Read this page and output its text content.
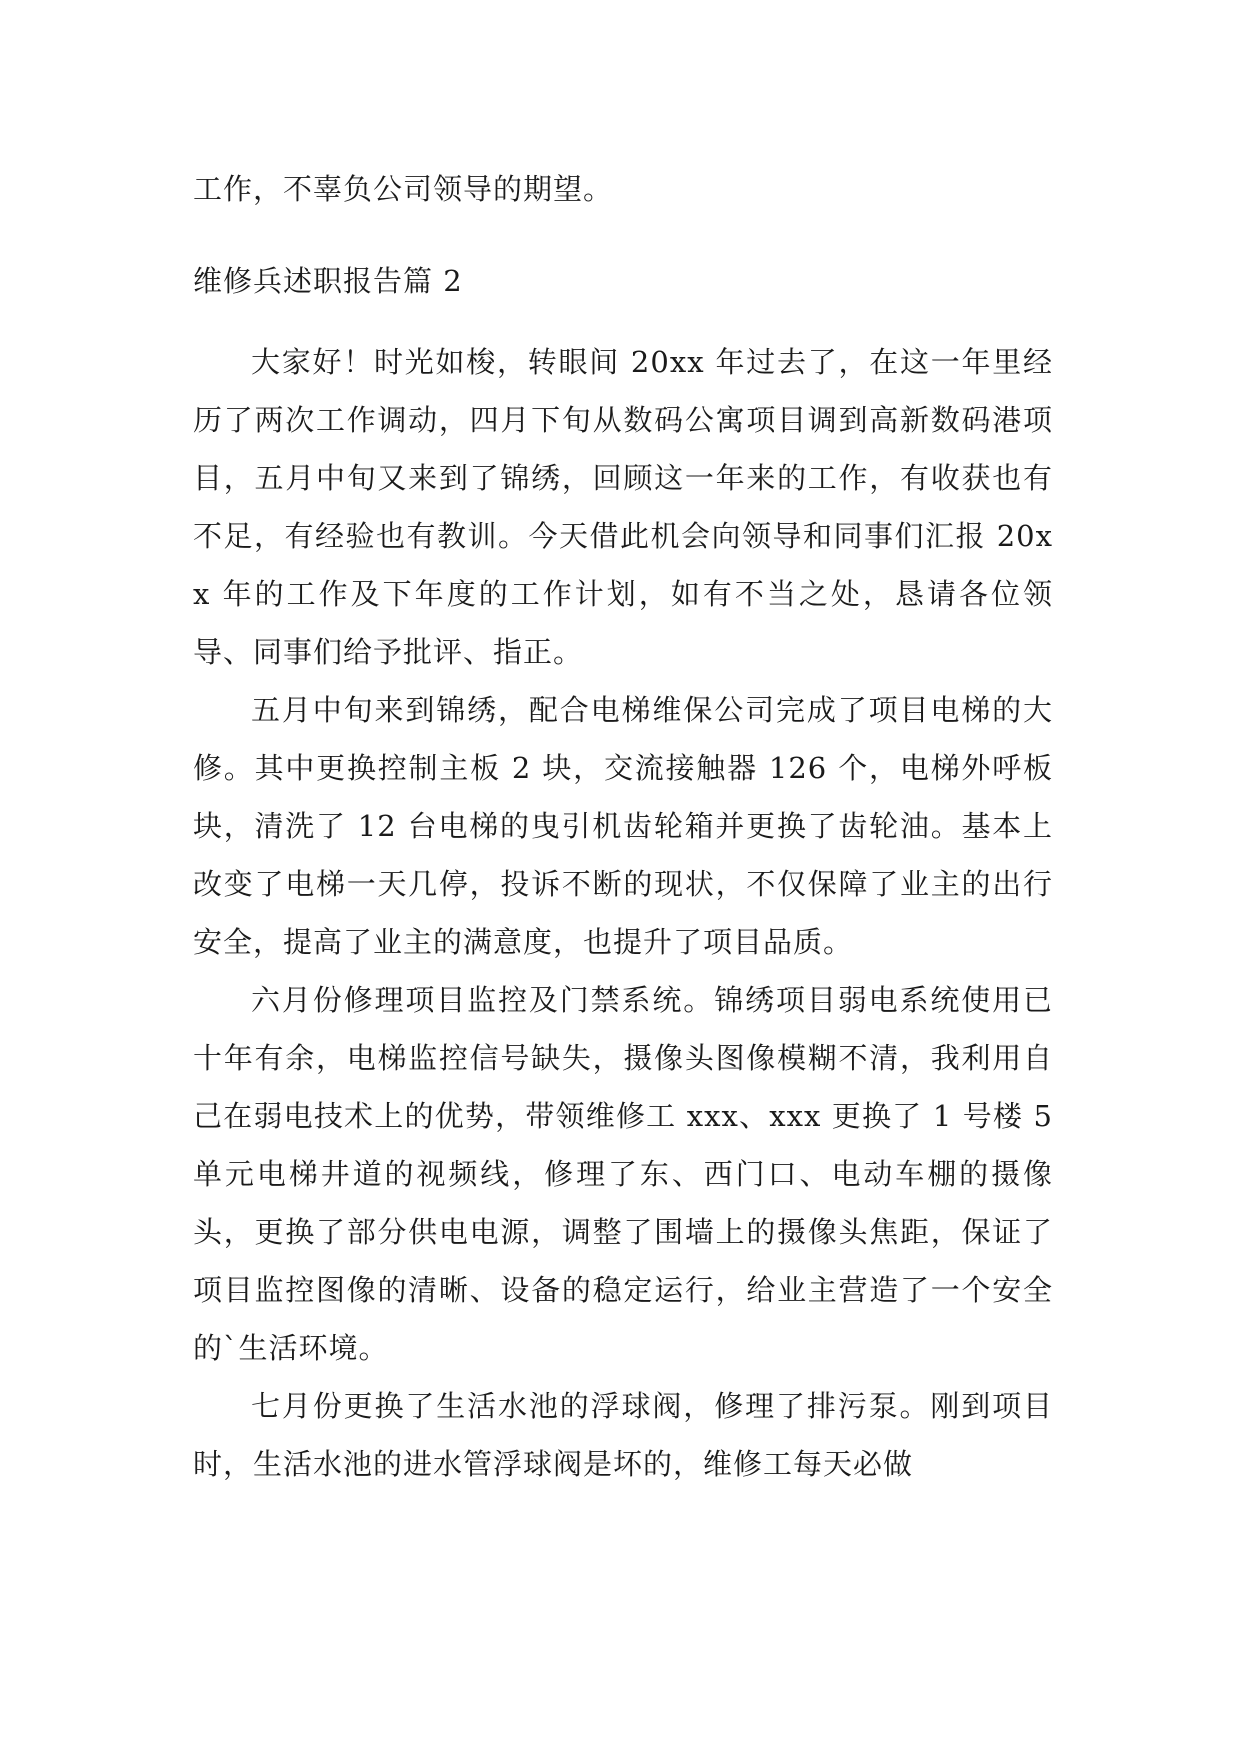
工作，不辜负公司领导的期望。
维修兵述职报告篇 2

大家好！时光如梭，转眼间 20xx 年过去了，在这一年里经历了两次工作调动，四月下旬从数码公寓项目调到高新数码港项目，五月中旬又来到了锦绣，回顾这一年来的工作，有收获也有不足，有经验也有教训。今天借此机会向领导和同事们汇报 20xx 年的工作及下年度的工作计划，如有不当之处，恳请各位领导、同事们给予批评、指正。

五月中旬来到锦绣，配合电梯维保公司完成了项目电梯的大修。其中更换控制主板 2 块，交流接触器 126 个，电梯外呼板块，清洗了 12 台电梯的曳引机齿轮箱并更换了齿轮油。基本上改变了电梯一天几停，投诉不断的现状，不仅保障了业主的出行安全，提高了业主的满意度，也提升了项目品质。

六月份修理项目监控及门禁系统。锦绣项目弱电系统使用已十年有余，电梯监控信号缺失，摄像头图像模糊不清，我利用自己在弱电技术上的优势，带领维修工 xxx、xxx 更换了 1 号楼 5 单元电梯井道的视频线，修理了东、西门口、电动车棚的摄像头，更换了部分供电电源，调整了围墙上的摄像头焦距，保证了项目监控图像的清晰、设备的稳定运行，给业主营造了一个安全的`生活环境。

七月份更换了生活水池的浮球阀，修理了排污泵。刚到项目时，生活水池的进水管浮球阀是坏的，维修工每天必做
